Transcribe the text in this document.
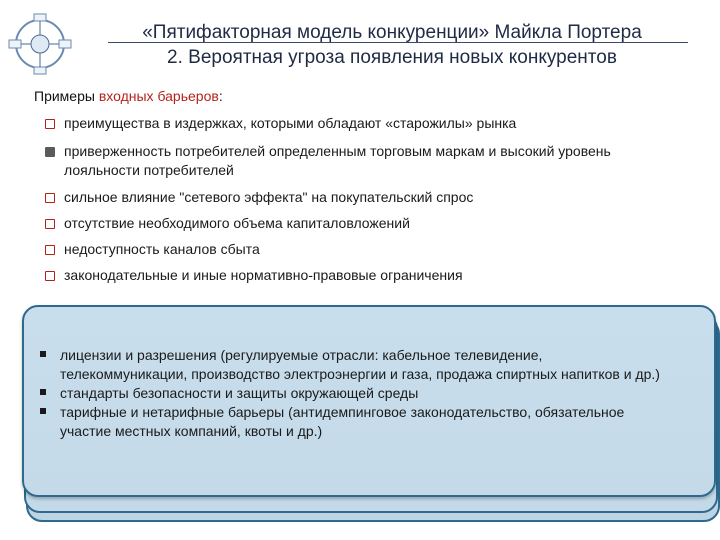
«Пятифакторная модель конкуренции» Майкла Портера
2. Вероятная угроза появления новых конкурентов
Примеры входных барьеров:
преимущества в издержках, которыми обладают «старожилы» рынка
приверженность потребителей определенным торговым маркам и высокий уровень лояльности потребителей
сильное влияние "сетевого эффекта" на покупательский спрос
отсутствие необходимого объема капиталовложений
недоступность каналов сбыта
законодательные и иные нормативно-правовые ограничения
лицензии и разрешения (регулируемые отрасли: кабельное телевидение, телекоммуникации, производство электроэнергии и газа, продажа спиртных напитков и др.)
стандарты безопасности и защиты окружающей среды
тарифные и нетарифные барьеры (антидемпинговое законодательство, обязательное участие местных компаний, квоты и др.)
